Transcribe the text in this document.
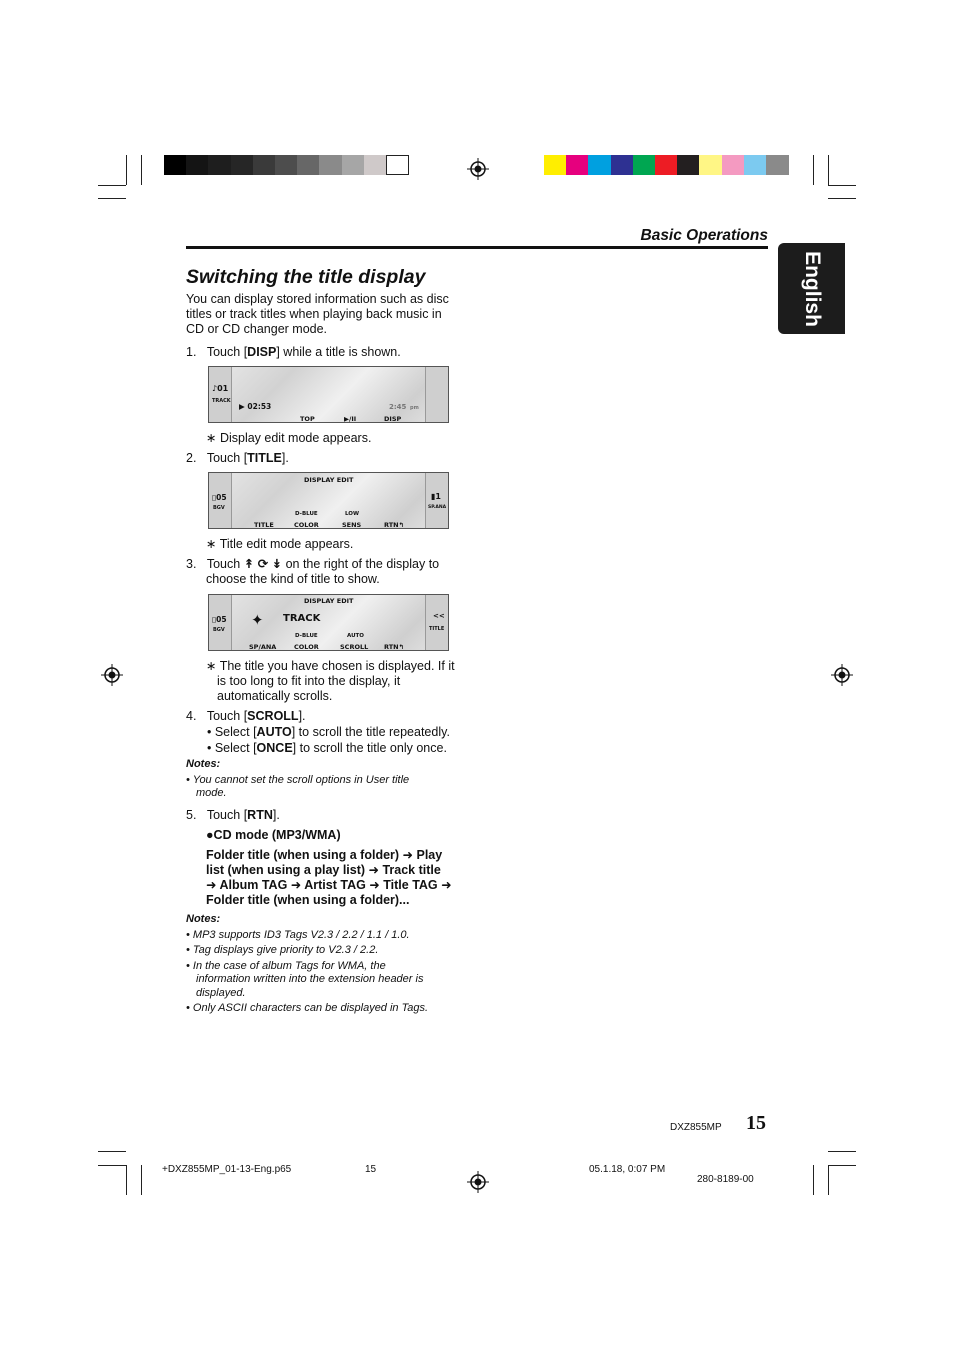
Basic Operations
English
Switching the title display
You can display stored information such as disc
titles or track titles when playing back music in
CD or CD changer mode.
1. Touch [DISP] while a title is shown.
♪01
TRACK
▶ 02:53	2:45 pm
TOP	▶/II	DISP
∗ Display edit mode appears.
2. Touch [TITLE].
DISPLAY EDIT
▯05
BGV
▮1
SP.ANA
D-BLUE	LOW
TITLE	COLOR	SENS	RTN↰
∗ Title edit mode appears.
3. Touch ↟ ⟳ ↡ on the right of the display to
choose the kind of title to show.
DISPLAY EDIT
▯05
BGV
✦ TRACK	<<
TITLE
D-BLUE	AUTO
SP/ANA	COLOR	SCROLL RTN↰
∗ The title you have chosen is displayed. If it
is too long to fit into the display, it
automatically scrolls.
4. Touch [SCROLL].
• Select [AUTO] to scroll the title repeatedly.
• Select [ONCE] to scroll the title only once.
Notes:
• You cannot set the scroll options in User title
mode.
5. Touch [RTN].
●CD mode (MP3/WMA)
Folder title (when using a folder) ➜ Play
list (when using a play list) ➜ Track title
➜ Album TAG ➜ Artist TAG ➜ Title TAG ➜
Folder title (when using a folder)...
Notes:
• MP3 supports ID3 Tags V2.3 / 2.2 / 1.1 / 1.0.
• Tag displays give priority to V2.3 / 2.2.
• In the case of album Tags for WMA, the
information written into the extension header is
displayed.
• Only ASCII characters can be displayed in Tags.
DXZ855MP 15
+DXZ855MP_01-13-Eng.p65	15	05.1.18, 0:07 PM
280-8189-00
